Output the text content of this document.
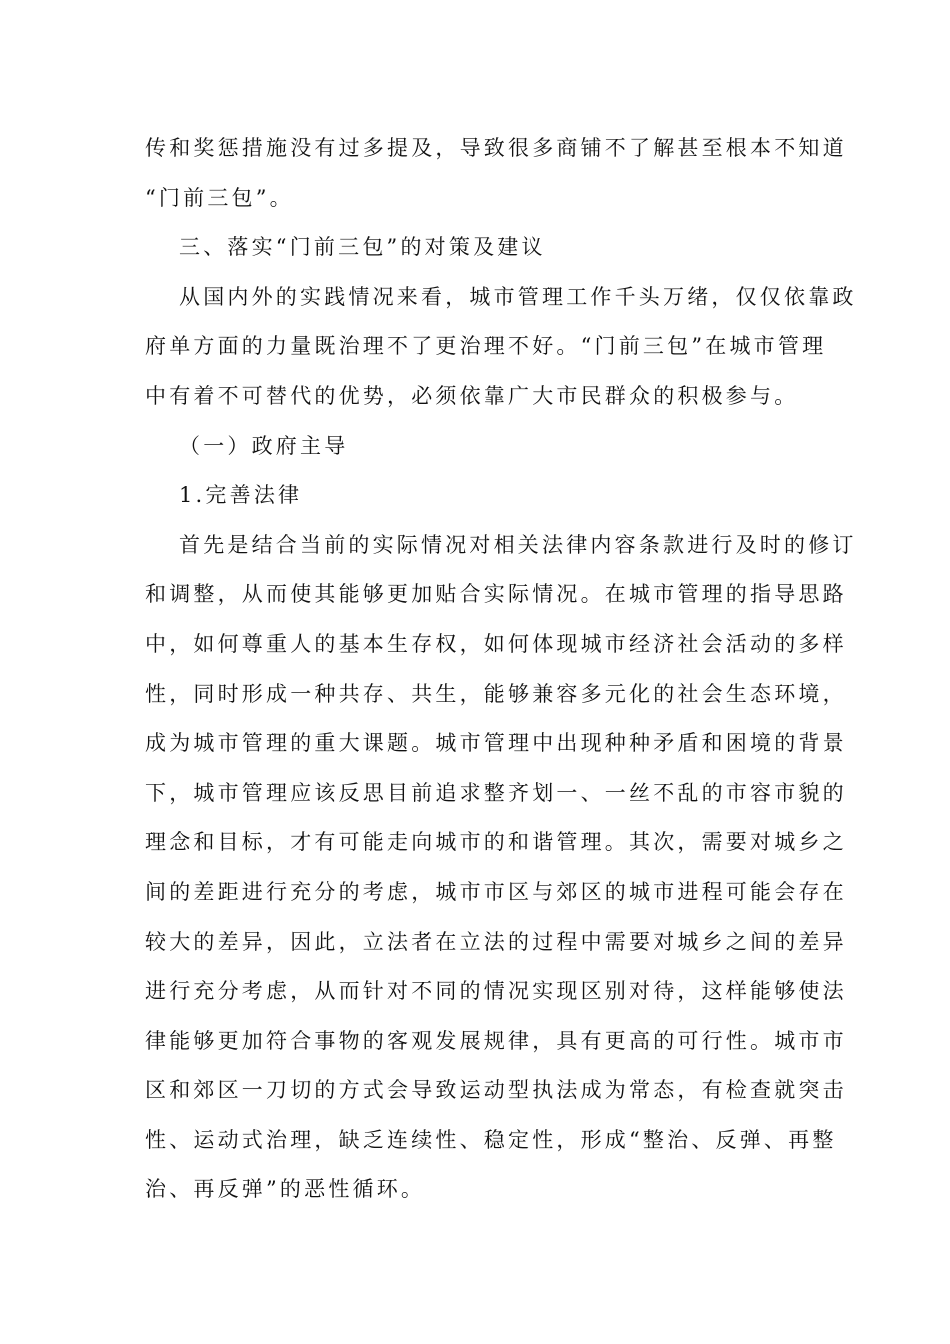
传和奖惩措施没有过多提及，导致很多商铺不了解甚至根本不知道
“门前三包”。
三、落实“门前三包”的对策及建议
从国内外的实践情况来看，城市管理工作千头万绪，仅仅依靠政
府单方面的力量既治理不了更治理不好。“门前三包”在城市管理
中有着不可替代的优势，必须依靠广大市民群众的积极参与。
（一）政府主导
1.完善法律
首先是结合当前的实际情况对相关法律内容条款进行及时的修订
和调整，从而使其能够更加贴合实际情况。在城市管理的指导思路
中，如何尊重人的基本生存权，如何体现城市经济社会活动的多样
性，同时形成一种共存、共生，能够兼容多元化的社会生态环境，
成为城市管理的重大课题。城市管理中出现种种矛盾和困境的背景
下，城市管理应该反思目前追求整齐划一、一丝不乱的市容市貌的
理念和目标，才有可能走向城市的和谐管理。其次，需要对城乡之
间的差距进行充分的考虑，城市市区与郊区的城市进程可能会存在
较大的差异，因此，立法者在立法的过程中需要对城乡之间的差异
进行充分考虑，从而针对不同的情况实现区别对待，这样能够使法
律能够更加符合事物的客观发展规律，具有更高的可行性。城市市
区和郊区一刀切的方式会导致运动型执法成为常态，有检查就突击
性、运动式治理，缺乏连续性、稳定性，形成“整治、反弹、再整
治、再反弹”的恶性循环。
